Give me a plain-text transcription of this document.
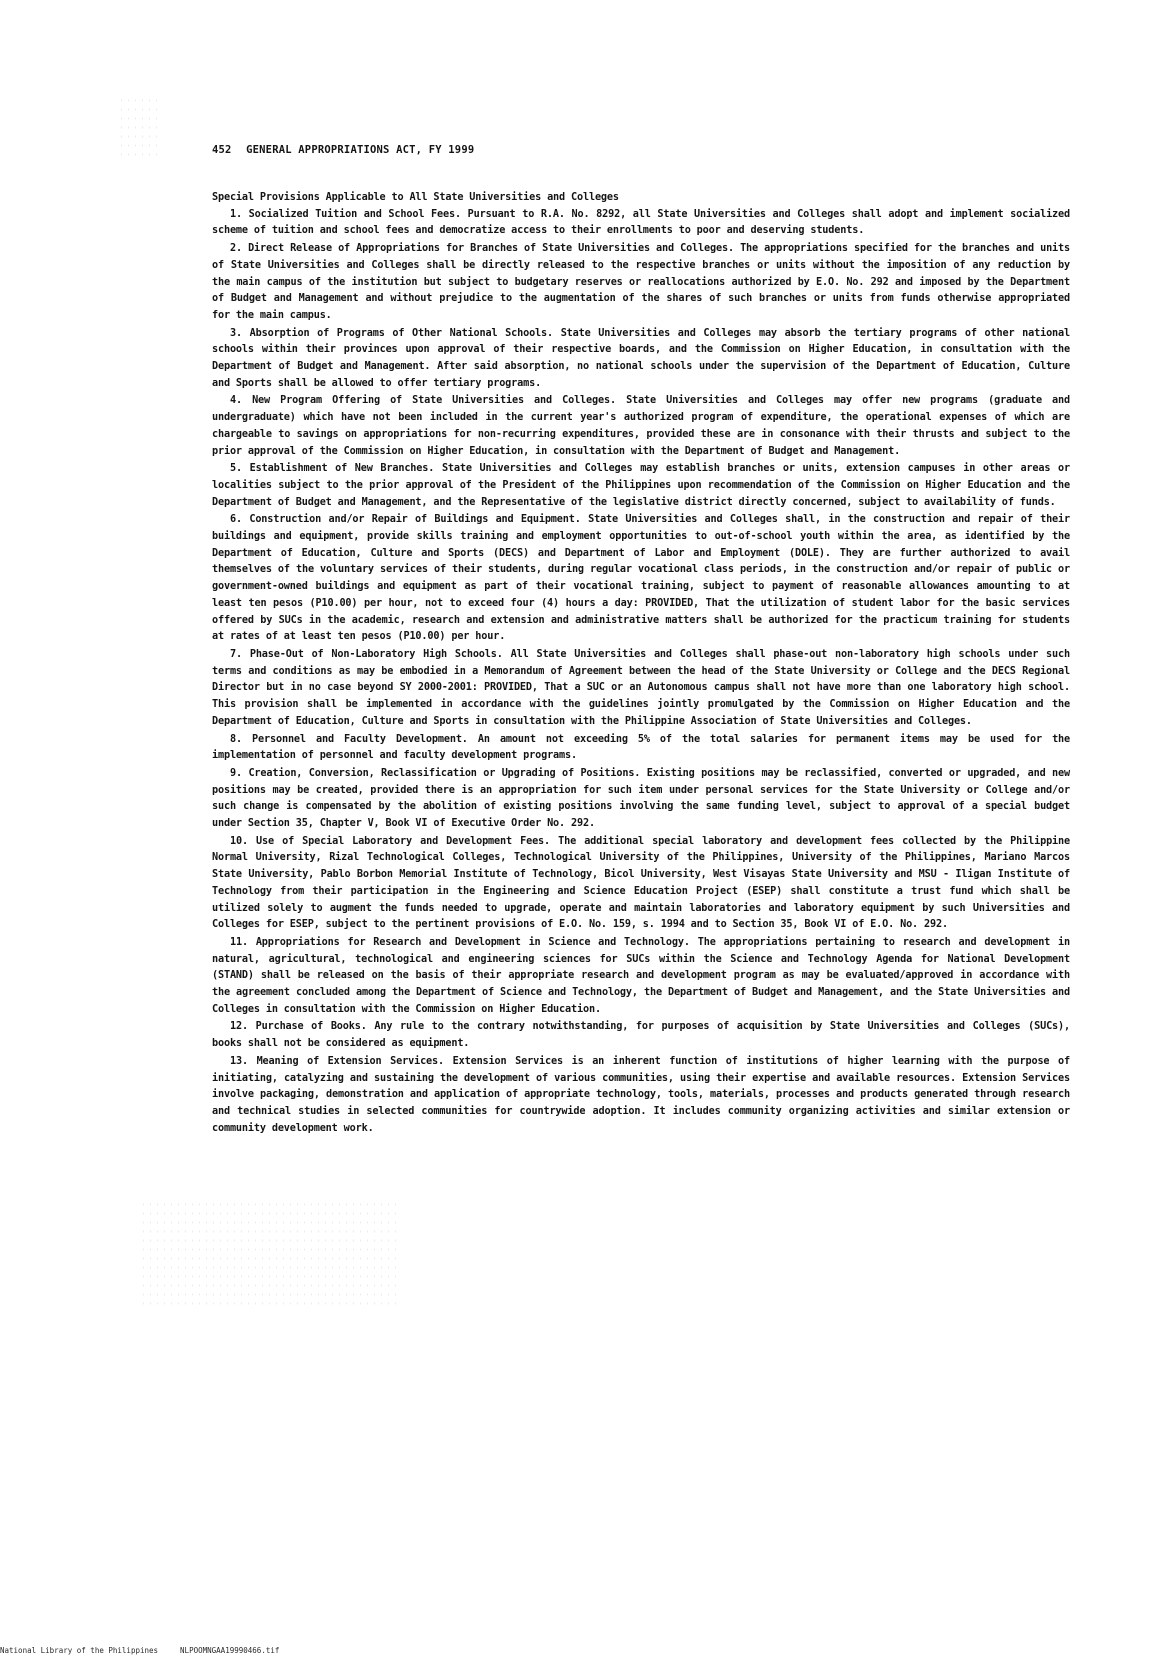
452 GENERAL APPROPRIATIONS ACT, FY 1999

Special Provisions Applicable to All State Universities and Colleges

1. Socialized Tuition and School Fees. Pursuant to R.A. No. 8292, all State Universities and Colleges shall adopt and implement socialized scheme of tuition and school fees and democratize access to their enrollments to poor and deserving students.

2. Direct Release of Appropriations for Branches of State Universities and Colleges. The appropriations specified for the branches and units of State Universities and Colleges shall be directly released to the respective branches or units without the imposition of any reduction by the main campus of the institution but subject to budgetary reserves or reallocations authorized by E.O. No. 292 and imposed by the Department of Budget and Management and without prejudice to the augmentation of the shares of such branches or units from funds otherwise appropriated for the main campus.

3. Absorption of Programs of Other National Schools. State Universities and Colleges may absorb the tertiary programs of other national schools within their provinces upon approval of their respective boards, and the Commission on Higher Education, in consultation with the Department of Budget and Management. After said absorption, no national schools under the supervision of the Department of Education, Culture and Sports shall be allowed to offer tertiary programs.

4. New Program Offering of State Universities and Colleges. State Universities and Colleges may offer new programs (graduate and undergraduate) which have not been included in the current year's authorized program of expenditure, the operational expenses of which are chargeable to savings on appropriations for non-recurring expenditures, provided these are in consonance with their thrusts and subject to the prior approval of the Commission on Higher Education, in consultation with the Department of Budget and Management.

5. Establishment of New Branches. State Universities and Colleges may establish branches or units, extension campuses in other areas or localities subject to the prior approval of the President of the Philippines upon recommendation of the Commission on Higher Education and the Department of Budget and Management, and the Representative of the legislative district directly concerned, subject to availability of funds.

6. Construction and/or Repair of Buildings and Equipment. State Universities and Colleges shall, in the construction and repair of their buildings and equipment, provide skills training and employment opportunities to out-of-school youth within the area, as identified by the Department of Education, Culture and Sports (DECS) and Department of Labor and Employment (DOLE). They are further authorized to avail themselves of the voluntary services of their students, during regular vocational class periods, in the construction and/or repair of public or government-owned buildings and equipment as part of their vocational training, subject to payment of reasonable allowances amounting to at least ten pesos (P10.00) per hour, not to exceed four (4) hours a day: PROVIDED, That the utilization of student labor for the basic services offered by SUCs in the academic, research and extension and administrative matters shall be authorized for the practicum training for students at rates of at least ten pesos (P10.00) per hour.

7. Phase-Out of Non-Laboratory High Schools. All State Universities and Colleges shall phase-out non-laboratory high schools under such terms and conditions as may be embodied in a Memorandum of Agreement between the head of the State University or College and the DECS Regional Director but in no case beyond SY 2000-2001: PROVIDED, That a SUC or an Autonomous campus shall not have more than one laboratory high school. This provision shall be implemented in accordance with the guidelines jointly promulgated by the Commission on Higher Education and the Department of Education, Culture and Sports in consultation with the Philippine Association of State Universities and Colleges.

8. Personnel and Faculty Development. An amount not exceeding 5% of the total salaries for permanent items may be used for the implementation of personnel and faculty development programs.

9. Creation, Conversion, Reclassification or Upgrading of Positions. Existing positions may be reclassified, converted or upgraded, and new positions may be created, provided there is an appropriation for such item under personal services for the State University or College and/or such change is compensated by the abolition of existing positions involving the same funding level, subject to approval of a special budget under Section 35, Chapter V, Book VI of Executive Order No. 292.

10. Use of Special Laboratory and Development Fees. The additional special laboratory and development fees collected by the Philippine Normal University, Rizal Technological Colleges, Technological University of the Philippines, University of the Philippines, Mariano Marcos State University, Pablo Borbon Memorial Institute of Technology, Bicol University, West Visayas State University and MSU - Iligan Institute of Technology from their participation in the Engineering and Science Education Project (ESEP) shall constitute a trust fund which shall be utilized solely to augment the funds needed to upgrade, operate and maintain laboratories and laboratory equipment by such Universities and Colleges for ESEP, subject to the pertinent provisions of E.O. No. 159, s. 1994 and to Section 35, Book VI of E.O. No. 292.

11. Appropriations for Research and Development in Science and Technology. The appropriations pertaining to research and development in natural, agricultural, technological and engineering sciences for SUCs within the Science and Technology Agenda for National Development (STAND) shall be released on the basis of their appropriate research and development program as may be evaluated/approved in accordance with the agreement concluded among the Department of Science and Technology, the Department of Budget and Management, and the State Universities and Colleges in consultation with the Commission on Higher Education.

12. Purchase of Books. Any rule to the contrary notwithstanding, for purposes of acquisition by State Universities and Colleges (SUCs), books shall not be considered as equipment.

13. Meaning of Extension Services. Extension Services is an inherent function of institutions of higher learning with the purpose of initiating, catalyzing and sustaining the development of various communities, using their expertise and available resources. Extension Services involve packaging, demonstration and application of appropriate technology, tools, materials, processes and products generated through research and technical studies in selected communities for countrywide adoption. It includes community organizing activities and similar extension or community development work.

National Library of the Philippines	NLPOOMNGAA19990466.tif
